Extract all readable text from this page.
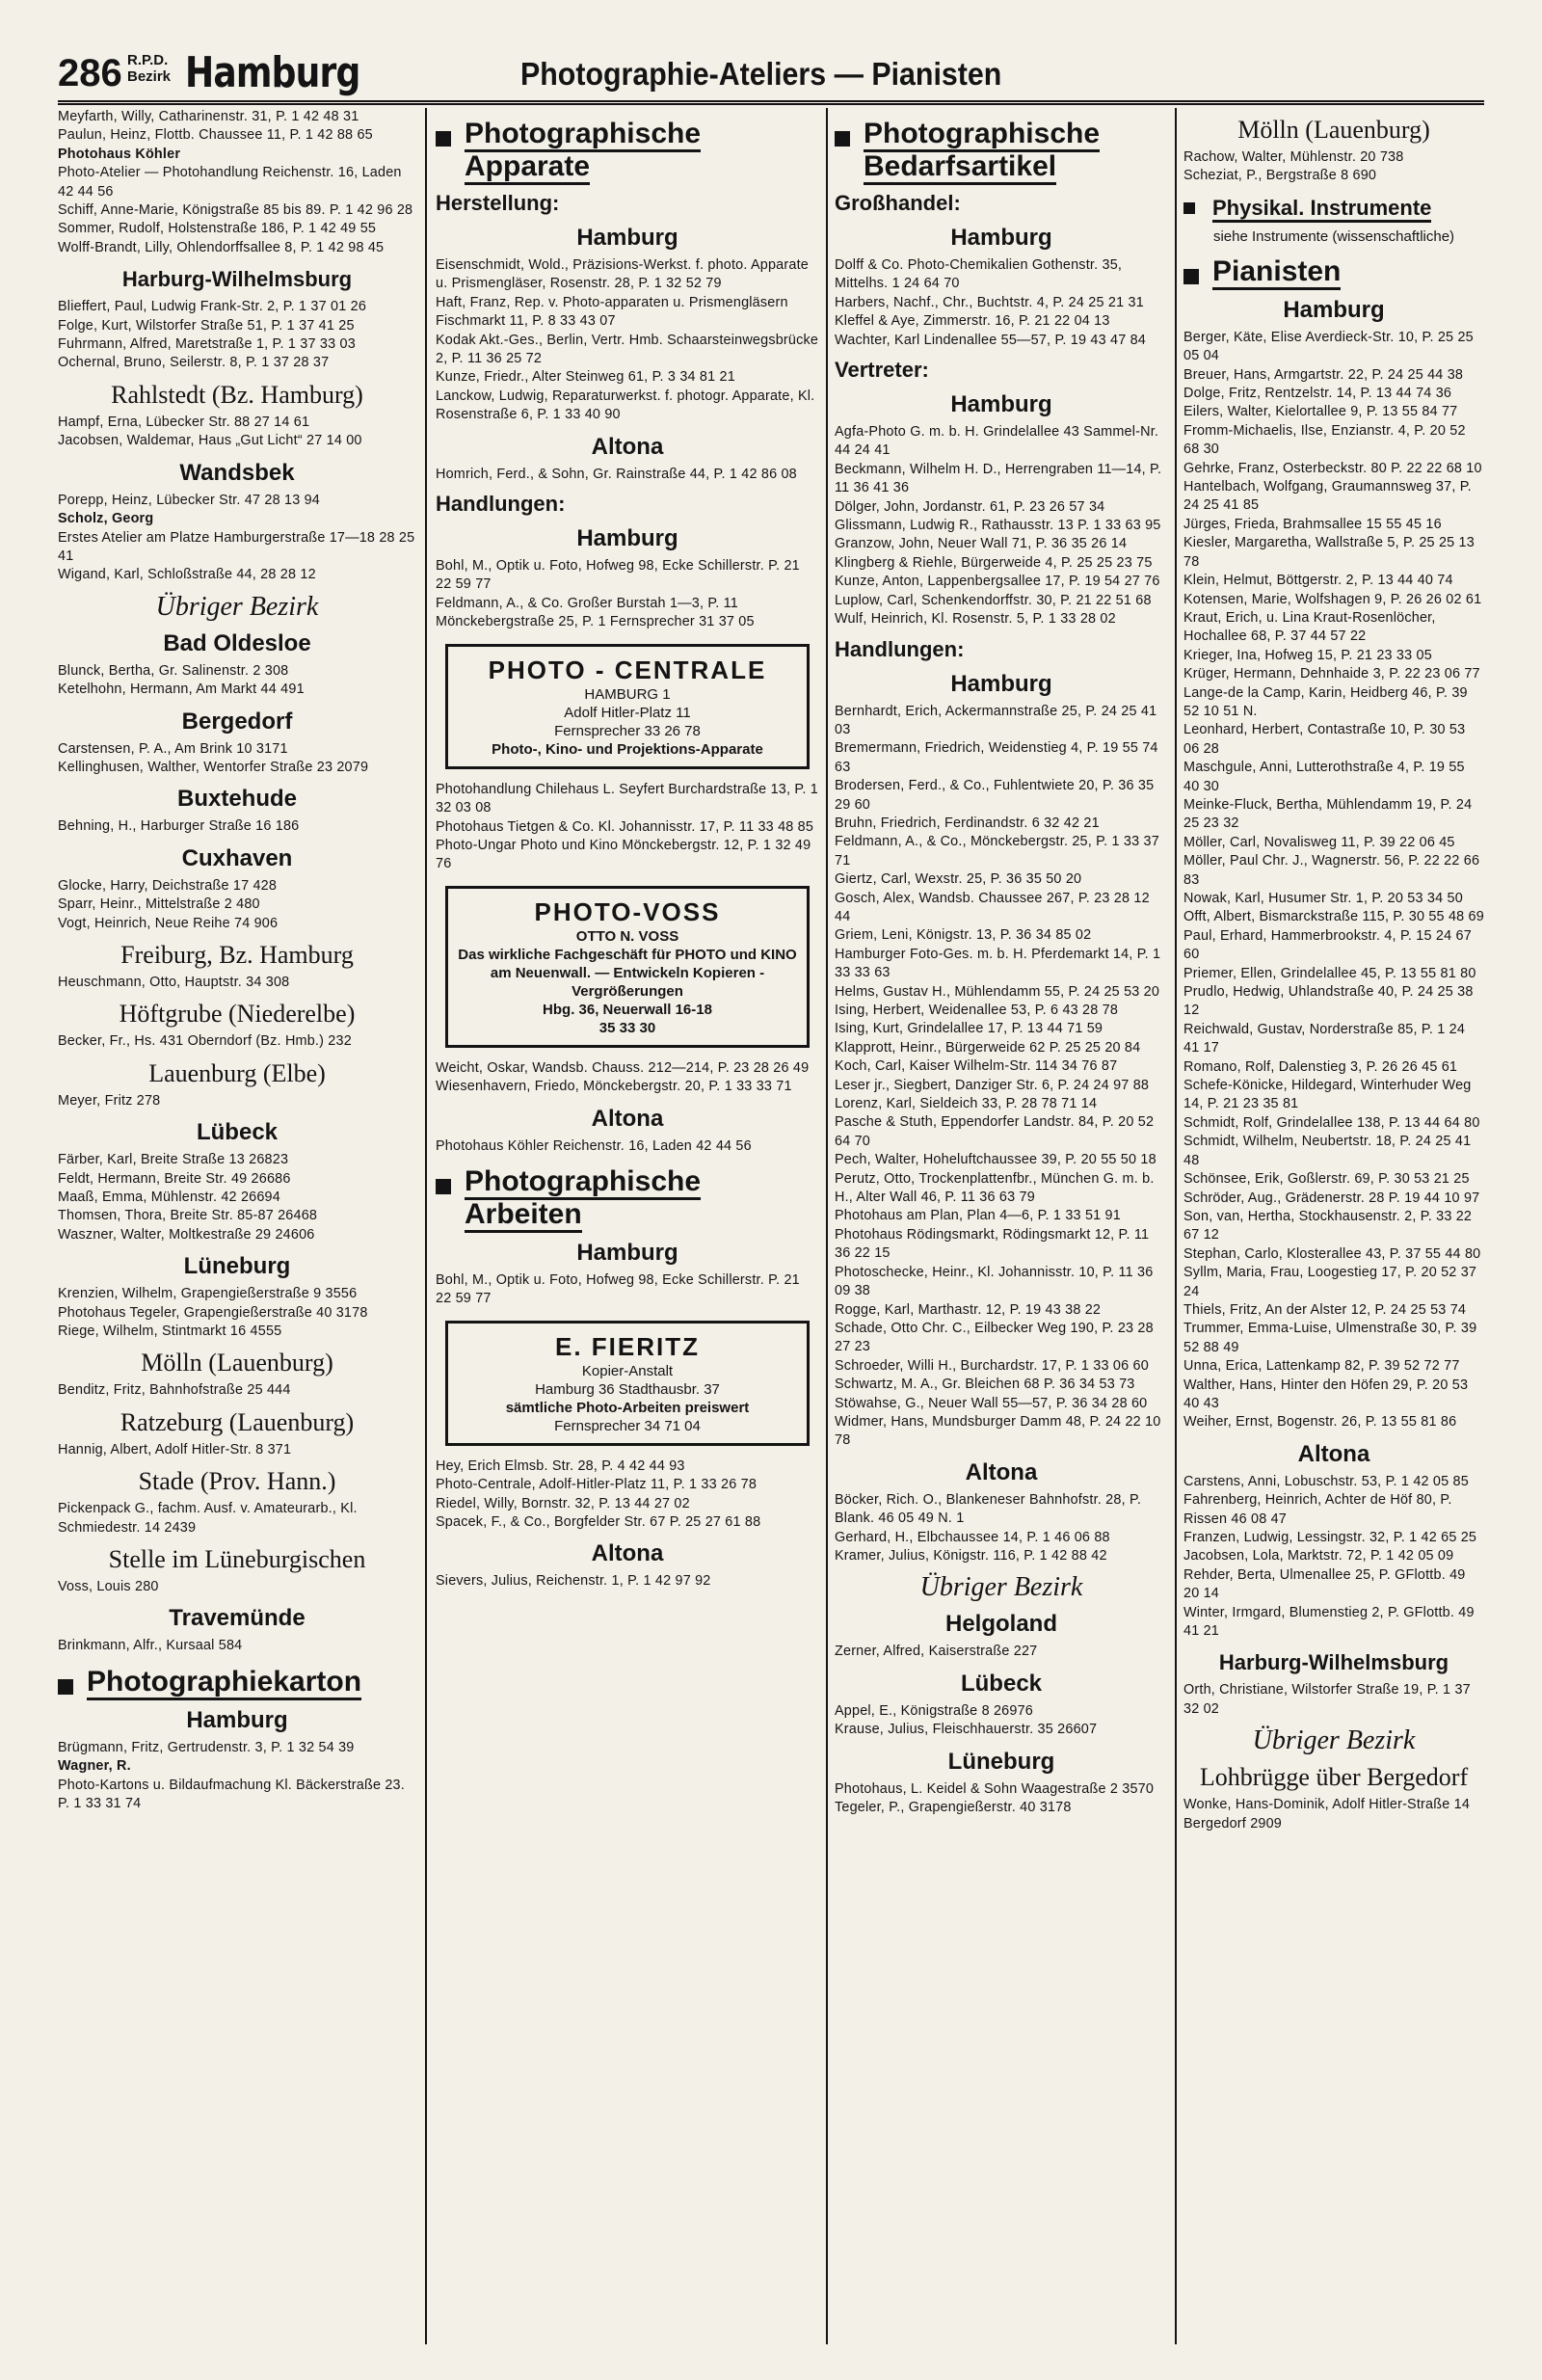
286 R.P.D. Bezirk Hamburg	Photographie-Ateliers — Pianisten
Meyfarth, Willy, Catharinenstr. 31, P. 1 42 48 31
Paulun, Heinz, Flottb. Chaussee 11, P. 1 42 88 65
Photohaus Köhler
Photo-Atelier — Photohandlung Reichenstr. 16, Laden 42 44 56
Schiff, Anne-Marie, Königstraße 85 bis 89. P. 1 42 96 28
Sommer, Rudolf, Holstenstraße 186, P. 1 42 49 55
Wolff-Brandt, Lilly, Ohlendorffsallee 8, P. 1 42 98 45
Harburg-Wilhelmsburg
Blieffert, Paul, Ludwig Frank-Str. 2, P. 1 37 01 26
Folge, Kurt, Wilstorfer Straße 51, P. 1 37 41 25
Fuhrmann, Alfred, Maretstraße 1, P. 1 37 33 03
Ochernal, Bruno, Seilerstr. 8, P. 1 37 28 37
Rahlstedt (Bz. Hamburg)
Hampf, Erna, Lübecker Str. 88 27 14 61
Jacobsen, Waldemar, Haus „Gut Licht“ 27 14 00
Wandsbek
Porepp, Heinz, Lübecker Str. 47 28 13 94
Scholz, Georg
Erstes Atelier am Platze Hamburgerstraße 17—18 28 25 41
Wigand, Karl, Schloßstraße 44, 28 28 12
Übriger Bezirk
Bad Oldesloe
Blunck, Bertha, Gr. Salinenstr. 2 308
Ketelhohn, Hermann, Am Markt 44 491
Bergedorf
Carstensen, P. A., Am Brink 10 3171
Kellinghusen, Walther, Wentorfer Straße 23 2079
Buxtehude
Behning, H., Harburger Straße 16 186
Cuxhaven
Glocke, Harry, Deichstraße 17 428
Sparr, Heinr., Mittelstraße 2 480
Vogt, Heinrich, Neue Reihe 74 906
Freiburg, Bz. Hamburg
Heuschmann, Otto, Hauptstr. 34 308
Höftgrube (Niederelbe)
Becker, Fr., Hs. 431 Oberndorf (Bz. Hmb.) 232
Lauenburg (Elbe)
Meyer, Fritz 278
Lübeck
Färber, Karl, Breite Straße 13 26823
Feldt, Hermann, Breite Str. 49 26686
Maaß, Emma, Mühlenstr. 42 26694
Thomsen, Thora, Breite Str. 85-87 26468
Waszner, Walter, Moltkestraße 29 24606
Lüneburg
Krenzien, Wilhelm, Grapengießerstraße 9 3556
Photohaus Tegeler, Grapengießerstraße 40 3178
Riege, Wilhelm, Stintmarkt 16 4555
Mölln (Lauenburg)
Benditz, Fritz, Bahnhofstraße 25 444
Ratzeburg (Lauenburg)
Hannig, Albert, Adolf Hitler-Str. 8 371
Stade (Prov. Hann.)
Pickenpack G., fachm. Ausf. v. Amateurarb., Kl. Schmiedestr. 14 2439
Stelle im Lüneburgischen
Voss, Louis 280
Travemünde
Brinkmann, Alfr., Kursaal 584
Photographiekarton
Hamburg
Brügmann, Fritz, Gertrudenstr. 3, P. 1 32 54 39
Wagner, R.
Photo-Kartons u. Bildaufmachung Kl. Bäckerstraße 23. P. 1 33 31 74
Photographische Apparate
Herstellung:
Hamburg
Eisenschmidt, Wold., Präzisions-Werkst. f. photo. Apparate u. Prismengläser, Rosenstr. 28, P. 1 32 52 79
Haft, Franz, Rep. v. Photo-apparaten u. Prismengläsern Fischmarkt 11, P. 8 33 43 07
Kodak Akt.-Ges., Berlin, Vertr. Hmb. Schaarsteinwegsbrücke 2, P. 11 36 25 72
Kunze, Friedr., Alter Steinweg 61, P. 3 34 81 21
Lanckow, Ludwig, Reparaturwerkst. f. photogr. Apparate, Kl. Rosenstraße 6, P. 1 33 40 90
Altona
Homrich, Ferd., & Sohn, Gr. Rainstraße 44, P. 1 42 86 08
Handlungen:
Hamburg
Bohl, M., Optik u. Foto, Hofweg 98, Ecke Schillerstr. P. 21 22 59 77
Feldmann, A., & Co. Großer Burstah 1—3, P. 11 Mönckebergstraße 25, P. 1 Fernsprecher 31 37 05
PHOTO - CENTRALE
HAMBURG 1
Adolf Hitler-Platz 11
Fernsprecher 33 26 78
Photo-, Kino- und Projektions-Apparate
Photohandlung Chilehaus L. Seyfert Burchardstraße 13, P. 1 32 03 08
Photohaus Tietgen & Co. Kl. Johannisstr. 17, P. 11 33 48 85
Photo-Ungar Photo und Kino Mönckebergstr. 12, P. 1 32 49 76
PHOTO-VOSS
OTTO N. VOSS
Das wirkliche Fachgeschäft für PHOTO und KINO am Neuenwall. — Entwickeln Kopieren - Vergrößerungen
Hbg. 36, Neuerwall 16-18
35 33 30
Weicht, Oskar, Wandsb. Chauss. 212—214, P. 23 28 26 49
Wiesenhavern, Friedo, Mönckebergstr. 20, P. 1 33 33 71
Altona
Photohaus Köhler Reichenstr. 16, Laden 42 44 56
Photographische Arbeiten
Hamburg
Bohl, M., Optik u. Foto, Hofweg 98, Ecke Schillerstr. P. 21 22 59 77
E. FIERITZ
Kopier-Anstalt
Hamburg 36 Stadthausbr. 37
sämtliche Photo-Arbeiten preiswert
Fernsprecher 34 71 04
Hey, Erich Elmsb. Str. 28, P. 4 42 44 93
Photo-Centrale, Adolf-Hitler-Platz 11, P. 1 33 26 78
Riedel, Willy, Bornstr. 32, P. 13 44 27 02
Spacek, F., & Co., Borgfelder Str. 67 P. 25 27 61 88
Altona
Sievers, Julius, Reichenstr. 1, P. 1 42 97 92
Photographische Bedarfsartikel
Großhandel:
Hamburg
Dolff & Co. Photo-Chemikalien Gothenstr. 35, Mittelhs. 1 24 64 70
Harbers, Nachf., Chr., Buchtstr. 4, P. 24 25 21 31
Kleffel & Aye, Zimmerstr. 16, P. 21 22 04 13
Wachter, Karl Lindenallee 55—57, P. 19 43 47 84
Vertreter:
Hamburg
Agfa-Photo G. m. b. H. Grindelallee 43 Sammel-Nr. 44 24 41
Beckmann, Wilhelm H. D., Herrengraben 11—14, P. 11 36 41 36
Dölger, John, Jordanstr. 61, P. 23 26 57 34
Glissmann, Ludwig R., Rathausstr. 13 P. 1 33 63 95
Granzow, John, Neuer Wall 71, P. 36 35 26 14
Klingberg & Riehle, Bürgerweide 4, P. 25 25 23 75
Kunze, Anton, Lappenbergsallee 17, P. 19 54 27 76
Luplow, Carl, Schenkendorffstr. 30, P. 21 22 51 68
Wulf, Heinrich, Kl. Rosenstr. 5, P. 1 33 28 02
Handlungen:
Hamburg
Bernhardt, Erich, Ackermannstraße 25, P. 24 25 41 03
Bremermann, Friedrich, Weidenstieg 4, P. 19 55 74 63
Brodersen, Ferd., & Co., Fuhlentwiete 20, P. 36 35 29 60
Bruhn, Friedrich, Ferdinandstr. 6 32 42 21
Feldmann, A., & Co., Mönckebergstr. 25, P. 1 33 37 71
Giertz, Carl, Wexstr. 25, P. 36 35 50 20
Gosch, Alex, Wandsb. Chaussee 267, P. 23 28 12 44
Griem, Leni, Königstr. 13, P. 36 34 85 02
Hamburger Foto-Ges. m. b. H. Pferdemarkt 14, P. 1 33 33 63
Helms, Gustav H., Mühlendamm 55, P. 24 25 53 20
Ising, Herbert, Weidenallee 53, P. 6 43 28 78
Ising, Kurt, Grindelallee 17, P. 13 44 71 59
Klapprott, Heinr., Bürgerweide 62 P. 25 25 20 84
Koch, Carl, Kaiser Wilhelm-Str. 114 34 76 87
Leser jr., Siegbert, Danziger Str. 6, P. 24 24 97 88
Lorenz, Karl, Sieldeich 33, P. 28 78 71 14
Pasche & Stuth, Eppendorfer Landstr. 84, P. 20 52 64 70
Pech, Walter, Hoheluftchaussee 39, P. 20 55 50 18
Perutz, Otto, Trockenplattenfbr., München G. m. b. H., Alter Wall 46, P. 11 36 63 79
Photohaus am Plan, Plan 4—6, P. 1 33 51 91
Photohaus Rödingsmarkt, Rödingsmarkt 12, P. 11 36 22 15
Photoschecke, Heinr., Kl. Johannisstr. 10, P. 11 36 09 38
Rogge, Karl, Marthastr. 12, P. 19 43 38 22
Schade, Otto Chr. C., Eilbecker Weg 190, P. 23 28 27 23
Schroeder, Willi H., Burchardstr. 17, P. 1 33 06 60
Schwartz, M. A., Gr. Bleichen 68 P. 36 34 53 73
Stöwahse, G., Neuer Wall 55—57, P. 36 34 28 60
Widmer, Hans, Mundsburger Damm 48, P. 24 22 10 78
Altona
Böcker, Rich. O., Blankeneser Bahnhofstr. 28, P. Blank. 46 05 49 N. 1
Gerhard, H., Elbchaussee 14, P. 1 46 06 88
Kramer, Julius, Königstr. 116, P. 1 42 88 42
Übriger Bezirk
Helgoland
Zerner, Alfred, Kaiserstraße 227
Lübeck
Appel, E., Königstraße 8 26976
Krause, Julius, Fleischhauerstr. 35 26607
Lüneburg
Photohaus, L. Keidel & Sohn Waagestraße 2 3570
Tegeler, P., Grapengießerstr. 40 3178
Mölln (Lauenburg)
Rachow, Walter, Mühlenstr. 20 738
Scheziat, P., Bergstraße 8 690
Physikal. Instrumente
siehe Instrumente (wissenschaftliche)
Pianisten
Hamburg
Berger, Käte, Elise Averdieck-Str. 10, P. 25 25 05 04
Breuer, Hans, Armgartstr. 22, P. 24 25 44 38
Dolge, Fritz, Rentzelstr. 14, P. 13 44 74 36
Eilers, Walter, Kielortallee 9, P. 13 55 84 77
Fromm-Michaelis, Ilse, Enzianstr. 4, P. 20 52 68 30
Gehrke, Franz, Osterbeckstr. 80 P. 22 22 68 10
Hantelbach, Wolfgang, Graumannsweg 37, P. 24 25 41 85
Jürges, Frieda, Brahmsallee 15 55 45 16
Kiesler, Margaretha, Wallstraße 5, P. 25 25 13 78
Klein, Helmut, Böttgerstr. 2, P. 13 44 40 74
Kotensen, Marie, Wolfshagen 9, P. 26 26 02 61
Kraut, Erich, u. Lina Kraut-Rosenlöcher, Hochallee 68, P. 37 44 57 22
Krieger, Ina, Hofweg 15, P. 21 23 33 05
Krüger, Hermann, Dehnhaide 3, P. 22 23 06 77
Lange-de la Camp, Karin, Heidberg 46, P. 39 52 10 51 N.
Leonhard, Herbert, Contastraße 10, P. 30 53 06 28
Maschgule, Anni, Lutterothstraße 4, P. 19 55 40 30
Meinke-Fluck, Bertha, Mühlendamm 19, P. 24 25 23 32
Möller, Carl, Novalisweg 11, P. 39 22 06 45
Möller, Paul Chr. J., Wagnerstr. 56, P. 22 22 66 83
Nowak, Karl, Husumer Str. 1, P. 20 53 34 50
Offt, Albert, Bismarckstraße 115, P. 30 55 48 69
Paul, Erhard, Hammerbrookstr. 4, P. 15 24 67 60
Priemer, Ellen, Grindelallee 45, P. 13 55 81 80
Prudlo, Hedwig, Uhlandstraße 40, P. 24 25 38 12
Reichwald, Gustav, Norderstraße 85, P. 1 24 41 17
Romano, Rolf, Dalenstieg 3, P. 26 26 45 61
Schefe-Könicke, Hildegard, Winterhuder Weg 14, P. 21 23 35 81
Schmidt, Rolf, Grindelallee 138, P. 13 44 64 80
Schmidt, Wilhelm, Neubertstr. 18, P. 24 25 41 48
Schönsee, Erik, Goßlerstr. 69, P. 30 53 21 25
Schröder, Aug., Grädenerstr. 28 P. 19 44 10 97
Son, van, Hertha, Stockhausenstr. 2, P. 33 22 67 12
Stephan, Carlo, Klosterallee 43, P. 37 55 44 80
Syllm, Maria, Frau, Loogestieg 17, P. 20 52 37 24
Thiels, Fritz, An der Alster 12, P. 24 25 53 74
Trummer, Emma-Luise, Ulmenstraße 30, P. 39 52 88 49
Unna, Erica, Lattenkamp 82, P. 39 52 72 77
Walther, Hans, Hinter den Höfen 29, P. 20 53 40 43
Weiher, Ernst, Bogenstr. 26, P. 13 55 81 86
Altona
Carstens, Anni, Lobuschstr. 53, P. 1 42 05 85
Fahrenberg, Heinrich, Achter de Höf 80, P. Rissen 46 08 47
Franzen, Ludwig, Lessingstr. 32, P. 1 42 65 25
Jacobsen, Lola, Marktstr. 72, P. 1 42 05 09
Rehder, Berta, Ulmenallee 25, P. GFlottb. 49 20 14
Winter, Irmgard, Blumenstieg 2, P. GFlottb. 49 41 21
Harburg-Wilhelmsburg
Orth, Christiane, Wilstorfer Straße 19, P. 1 37 32 02
Übriger Bezirk
Lohbrügge über Bergedorf
Wonke, Hans-Dominik, Adolf Hitler-Straße 14 Bergedorf 2909
